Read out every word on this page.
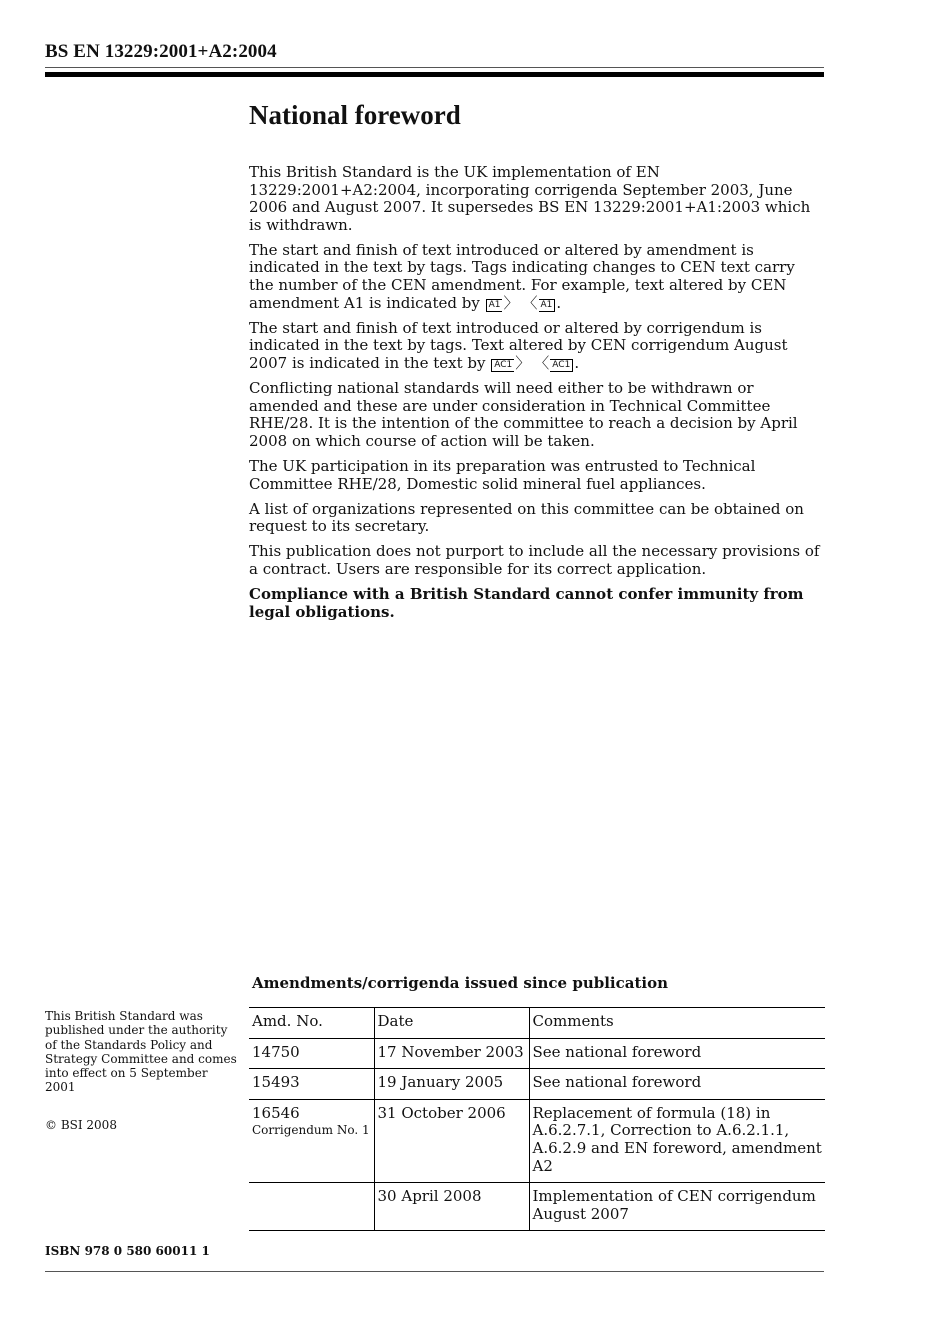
BS EN 13229:2001+A2:2004
National foreword

This British Standard is the UK implementation of EN 13229:2001+A2:2004, incorporating corrigenda September 2003, June 2006 and August 2007. It supersedes BS EN 13229:2001+A1:2003 which is withdrawn.

The start and finish of text introduced or altered by amendment is indicated in the text by tags. Tags indicating changes to CEN text carry the number of the CEN amendment. For example, text altered by CEN amendment A1 is indicated by A1 〉 〈 A1 .

The start and finish of text introduced or altered by corrigendum is indicated in the text by tags. Text altered by CEN corrigendum August 2007 is indicated in the text by AC1 〉 〈 AC1 .

Conflicting national standards will need either to be withdrawn or amended and these are under consideration in Technical Committee RHE/28. It is the intention of the committee to reach a decision by April 2008 on which course of action will be taken.

The UK participation in its preparation was entrusted to Technical Committee RHE/28, Domestic solid mineral fuel appliances.

A list of organizations represented on this committee can be obtained on request to its secretary.

This publication does not purport to include all the necessary provisions of a contract. Users are responsible for its correct application.

Compliance with a British Standard cannot confer immunity from legal obligations.

This British Standard was published under the authority of the Standards Policy and Strategy Committee and comes into effect on 5 September 2001
© BSI 2008
ISBN 978 0 580 60011 1
Amendments/corrigenda issued since publication
Amd. No.	Date	Comments
14750	17 November 2003	See national foreword
15493	19 January 2005	See national foreword

16546
Corrigendum No. 1	31 October 2006	Replacement of formula (18) in A.6.2.7.1, Correction to A.6.2.1.1, A.6.2.9 and EN foreword, amendment A2
	30 April 2008	Implementation of CEN corrigendum August 2007
